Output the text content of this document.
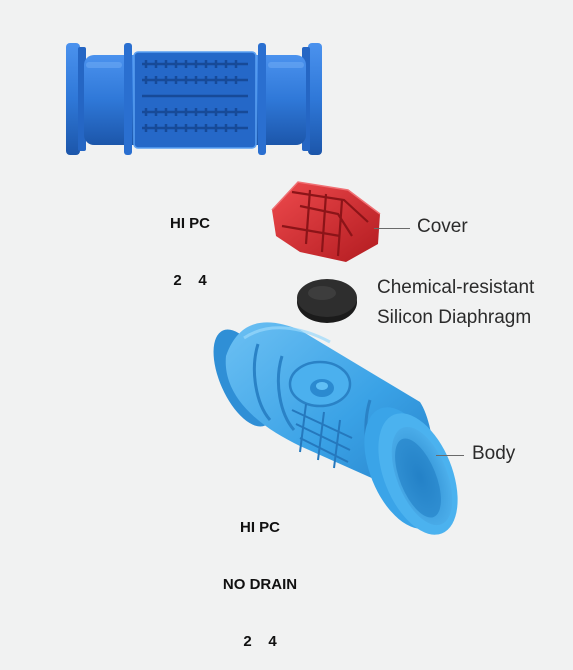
HI PC

2    4

HI PC

NO DRAIN

2    4

Cover
Chemical-resistant
Silicon Diaphragm
Body
